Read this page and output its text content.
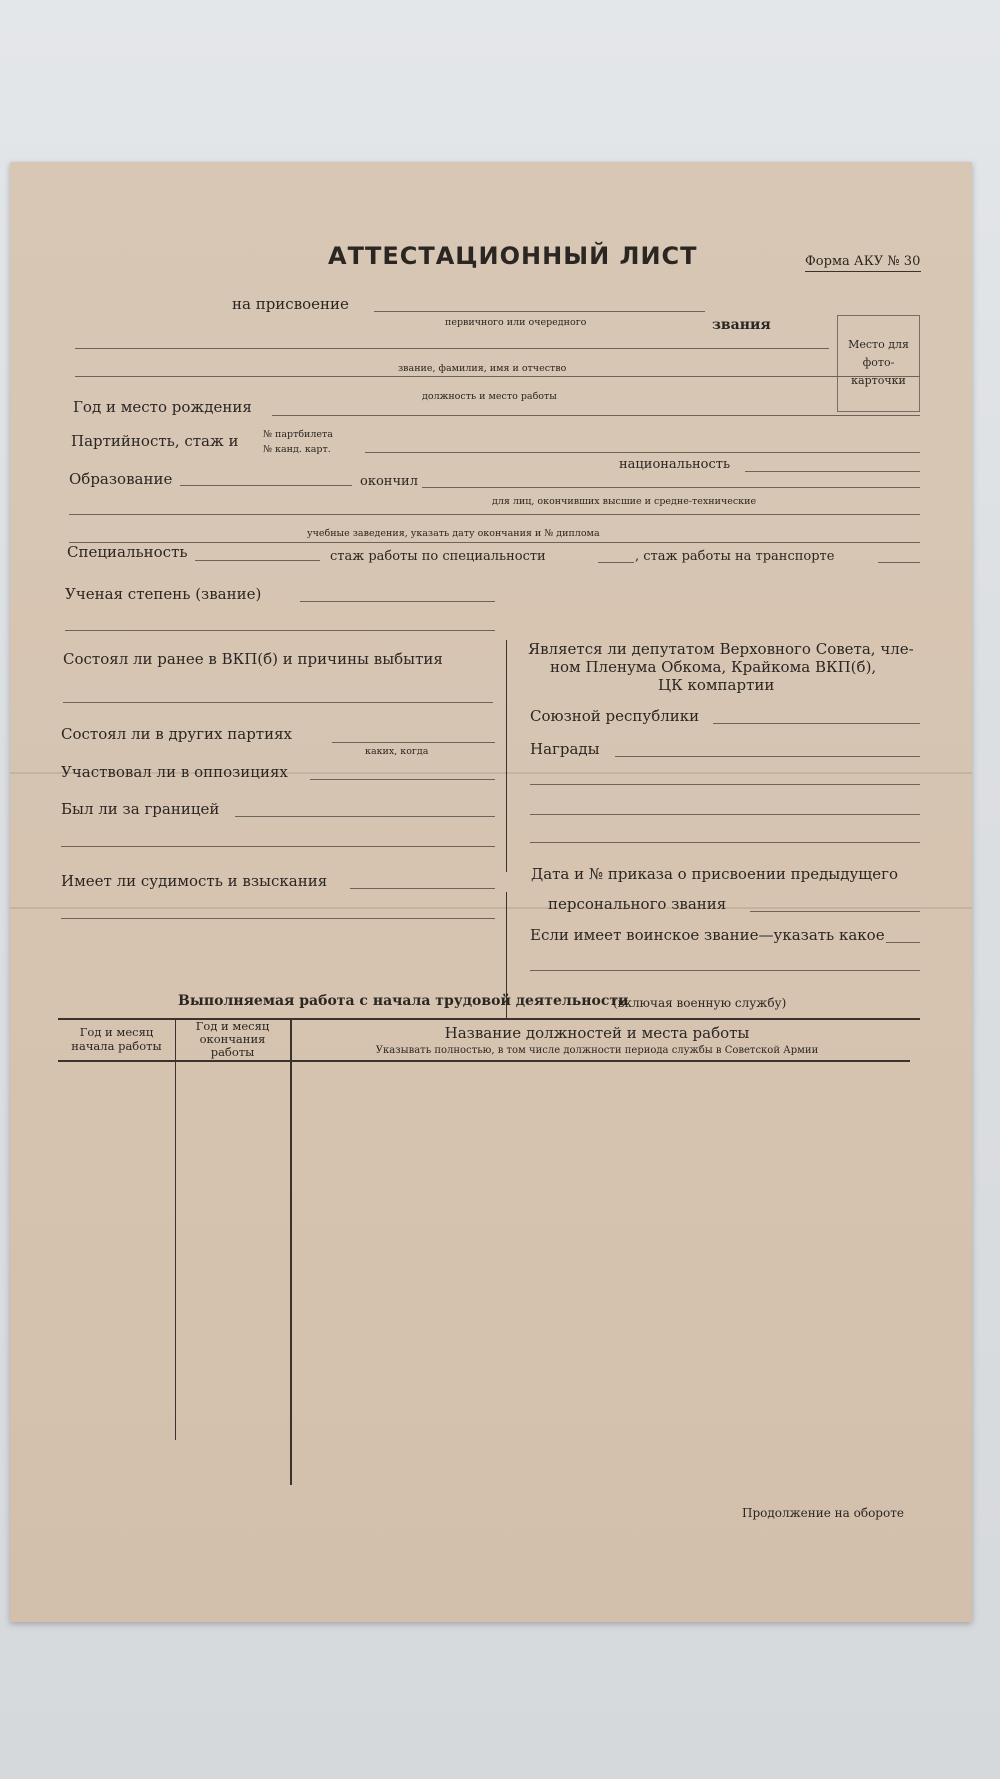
АТТЕСТАЦИОННЫЙ ЛИСТ	Форма АКУ № 30
Место для
фото-
карточки
на присвоение
первичного или очередного	звания
звание, фамилия, имя и отчество
должность и место работы
Год и место рождения
Партийность, стаж и	№ партбилета
№ канд. карт.
национальность
Образование	окончил
для лиц, окончивших высшие и средне-технические
учебные заведения, указать дату окончания и № диплома
Специальность	стаж работы по специальности	, стаж работы на транспорте
Ученая степень (звание)
Состоял ли ранее в ВКП(б) и причины выбытия
Состоял ли в других партиях
каких, когда
Участвовал ли в оппозициях
Был ли за границей
Имеет ли судимость и взыскания
Является ли депутатом Верховного Совета, чле-
ном Пленума Обкома, Крайкома ВКП(б),
ЦК компартии
Союзной республики
Награды
Дата и № приказа о присвоении предыдущего
персонального звания
Если имеет воинское звание—указать какое
Выполняемая работа с начала трудовой деятельности
(включая военную службу)
Год и месяц
начала работы
Год и месяц
окончания
работы
Название должностей и места работы
Указывать полностью, в том числе должности периода службы в Советской Армии
Продолжение на обороте
